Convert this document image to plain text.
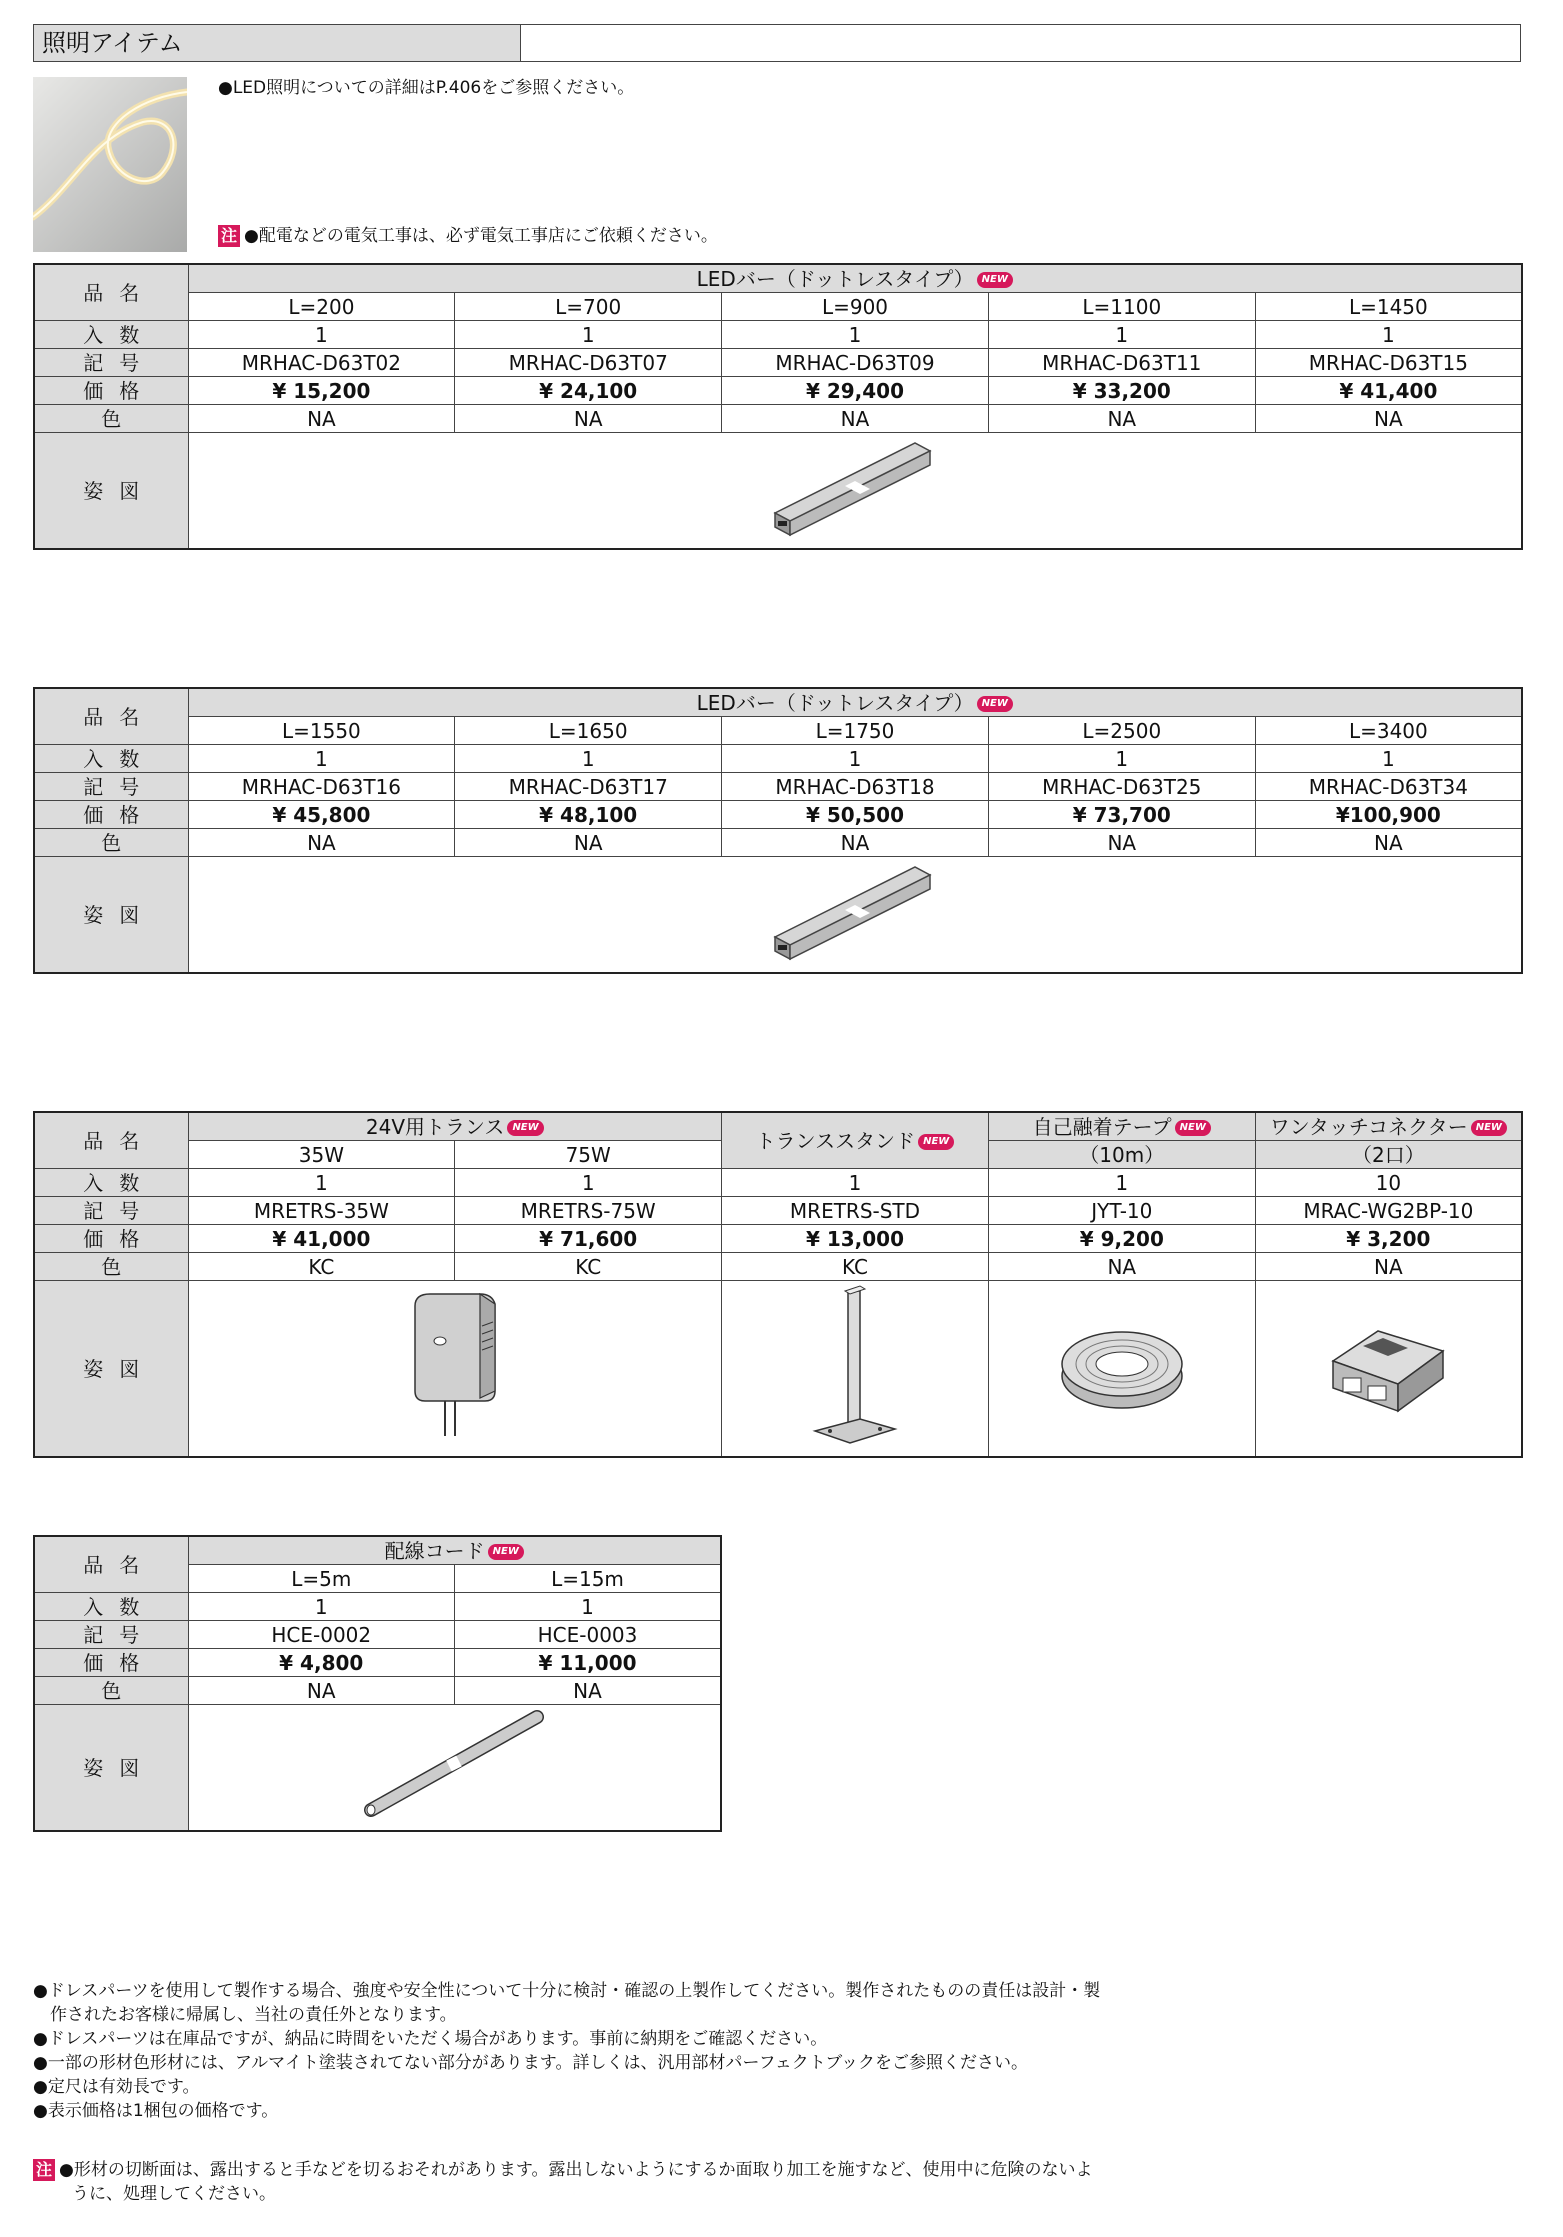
照明アイテム
●LED照明についての詳細はP.406をご参照ください。
注 ●配電などの電気工事は、必ず電気工事店にご依頼ください。
品名	LEDバー（ドットレスタイプ） NEW				
	L=200	L=700	L=900	L=1100	L=1450
入数	1	1	1	1	1
記号	MRHAC-D63T02	MRHAC-D63T07	MRHAC-D63T09	MRHAC-D63T11	MRHAC-D63T15
価格	¥ 15,200	¥ 24,100	¥ 29,400	¥ 33,200	¥ 41,400
色	NA	NA	NA	NA	NA
姿図	
品名	LEDバー（ドットレスタイプ） NEW				
	L=1550	L=1650	L=1750	L=2500	L=3400
入数	1	1	1	1	1
記号	MRHAC-D63T16	MRHAC-D63T17	MRHAC-D63T18	MRHAC-D63T25	MRHAC-D63T34
価格	¥ 45,800	¥ 48,100	¥ 50,500	¥ 73,700	¥100,900
色	NA	NA	NA	NA	NA
姿図	
品名	24V用トランス NEW		トランススタンド NEW	自己融着テープ NEW	ワンタッチコネクター NEW
	35W	75W		（10m）	（2口）
入数	1	1	1	1	10
記号	MRETRS-35W	MRETRS-75W	MRETRS-STD	JYT-10	MRAC-WG2BP-10
価格	¥ 41,000	¥ 71,600	¥ 13,000	¥ 9,200	¥ 3,200
色	KC	KC	KC	NA	NA
姿図				
品名	配線コード NEW	
	L=5m	L=15m
入数	1	1
記号	HCE-0002	HCE-0003
価格	¥ 4,800	¥ 11,000
色	NA	NA
姿図	
●ドレスパーツを使用して製作する場合、強度や安全性について十分に検討・確認の上製作してください。製作されたものの責任は設計・製
　作されたお客様に帰属し、当社の責任外となります。
●ドレスパーツは在庫品ですが、納品に時間をいただく場合があります。事前に納期をご確認ください。
●一部の形材色形材には、アルマイト塗装されてない部分があります。詳しくは、汎用部材パーフェクトブックをご参照ください。
●定尺は有効長です。
●表示価格は1梱包の価格です。
注 ●形材の切断面は、露出すると手などを切るおそれがあります。露出しないようにするか面取り加工を施すなど、使用中に危険のないよ
　うに、処理してください。
